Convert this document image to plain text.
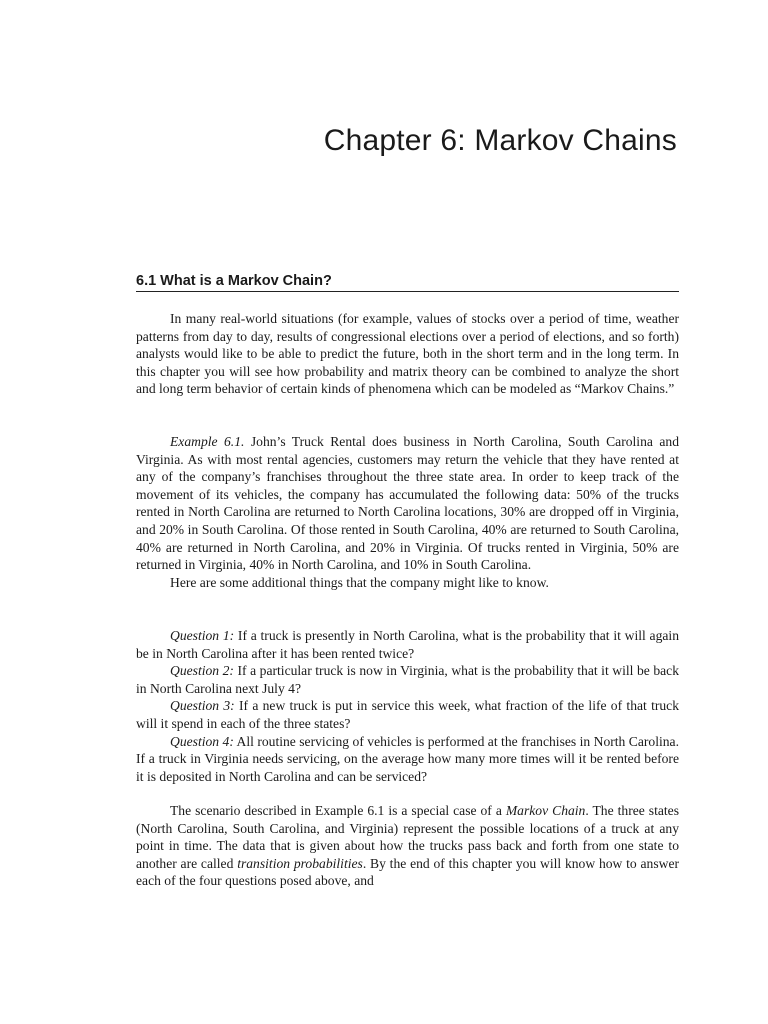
Chapter 6: Markov Chains
6.1 What is a Markov Chain?

In many real-world situations (for example, values of stocks over a period of time, weather patterns from day to day, results of congressional elections over a period of elections, and so forth) analysts would like to be able to predict the future, both in the short term and in the long term. In this chapter you will see how probability and matrix theory can be combined to analyze the short and long term behavior of certain kinds of phenomena which can be modeled as “Markov Chains.”

Example 6.1. John’s Truck Rental does business in North Carolina, South Carolina and Virginia. As with most rental agencies, customers may return the vehicle that they have rented at any of the company’s franchises throughout the three state area. In order to keep track of the movement of its vehicles, the company has accumulated the following data: 50% of the trucks rented in North Carolina are returned to North Carolina locations, 30% are dropped off in Virginia, and 20% in South Carolina. Of those rented in South Carolina, 40% are returned to South Carolina, 40% are returned in North Carolina, and 20% in Virginia. Of trucks rented in Virginia, 50% are returned in Virginia, 40% in North Carolina, and 10% in South Carolina.

Here are some additional things that the company might like to know.

Question 1: If a truck is presently in North Carolina, what is the probability that it will again be in North Carolina after it has been rented twice?

Question 2: If a particular truck is now in Virginia, what is the probability that it will be back in North Carolina next July 4?

Question 3: If a new truck is put in service this week, what fraction of the life of that truck will it spend in each of the three states?

Question 4: All routine servicing of vehicles is performed at the franchises in North Carolina. If a truck in Virginia needs servicing, on the average how many more times will it be rented before it is deposited in North Carolina and can be serviced?

The scenario described in Example 6.1 is a special case of a Markov Chain. The three states (North Carolina, South Carolina, and Virginia) represent the possible locations of a truck at any point in time. The data that is given about how the trucks pass back and forth from one state to another are called transition probabilities. By the end of this chapter you will know how to answer each of the four questions posed above, and
